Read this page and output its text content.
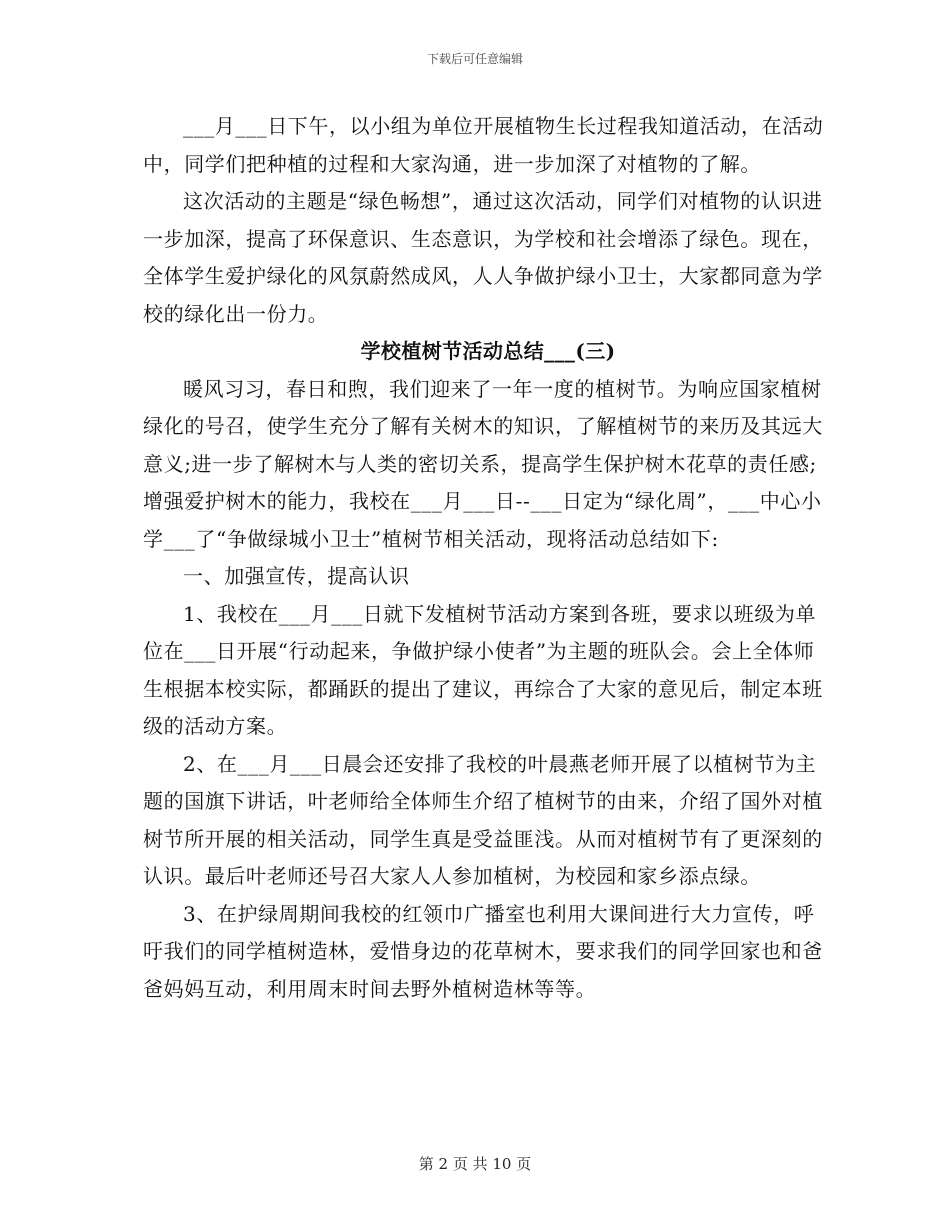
下载后可任意编辑

___月___日下午，以小组为单位开展植物生长过程我知道活动，在活动中，同学们把种植的过程和大家沟通，进一步加深了对植物的了解。

这次活动的主题是“绿色畅想”，通过这次活动，同学们对植物的认识进一步加深，提高了环保意识、生态意识，为学校和社会增添了绿色。现在，全体学生爱护绿化的风氛蔚然成风，人人争做护绿小卫士，大家都同意为学校的绿化出一份力。

学校植树节活动总结___(三)

暖风习习，春日和煦，我们迎来了一年一度的植树节。为响应国家植树绿化的号召，使学生充分了解有关树木的知识，了解植树节的来历及其远大意义;进一步了解树木与人类的密切关系，提高学生保护树木花草的责任感;增强爱护树木的能力，我校在___月___日--___日定为“绿化周”，___中心小学___了“争做绿城小卫士”植树节相关活动，现将活动总结如下:

一、加强宣传，提高认识

1、我校在___月___日就下发植树节活动方案到各班，要求以班级为单位在___日开展“行动起来，争做护绿小使者”为主题的班队会。会上全体师生根据本校实际，都踊跃的提出了建议，再综合了大家的意见后，制定本班级的活动方案。

2、在___月___日晨会还安排了我校的叶晨燕老师开展了以植树节为主题的国旗下讲话，叶老师给全体师生介绍了植树节的由来，介绍了国外对植树节所开展的相关活动，同学生真是受益匪浅。从而对植树节有了更深刻的认识。最后叶老师还号召大家人人参加植树，为校园和家乡添点绿。

3、在护绿周期间我校的红领巾广播室也利用大课间进行大力宣传，呼吁我们的同学植树造林，爱惜身边的花草树木，要求我们的同学回家也和爸爸妈妈互动，利用周末时间去野外植树造林等等。

第 2 页 共 10 页
